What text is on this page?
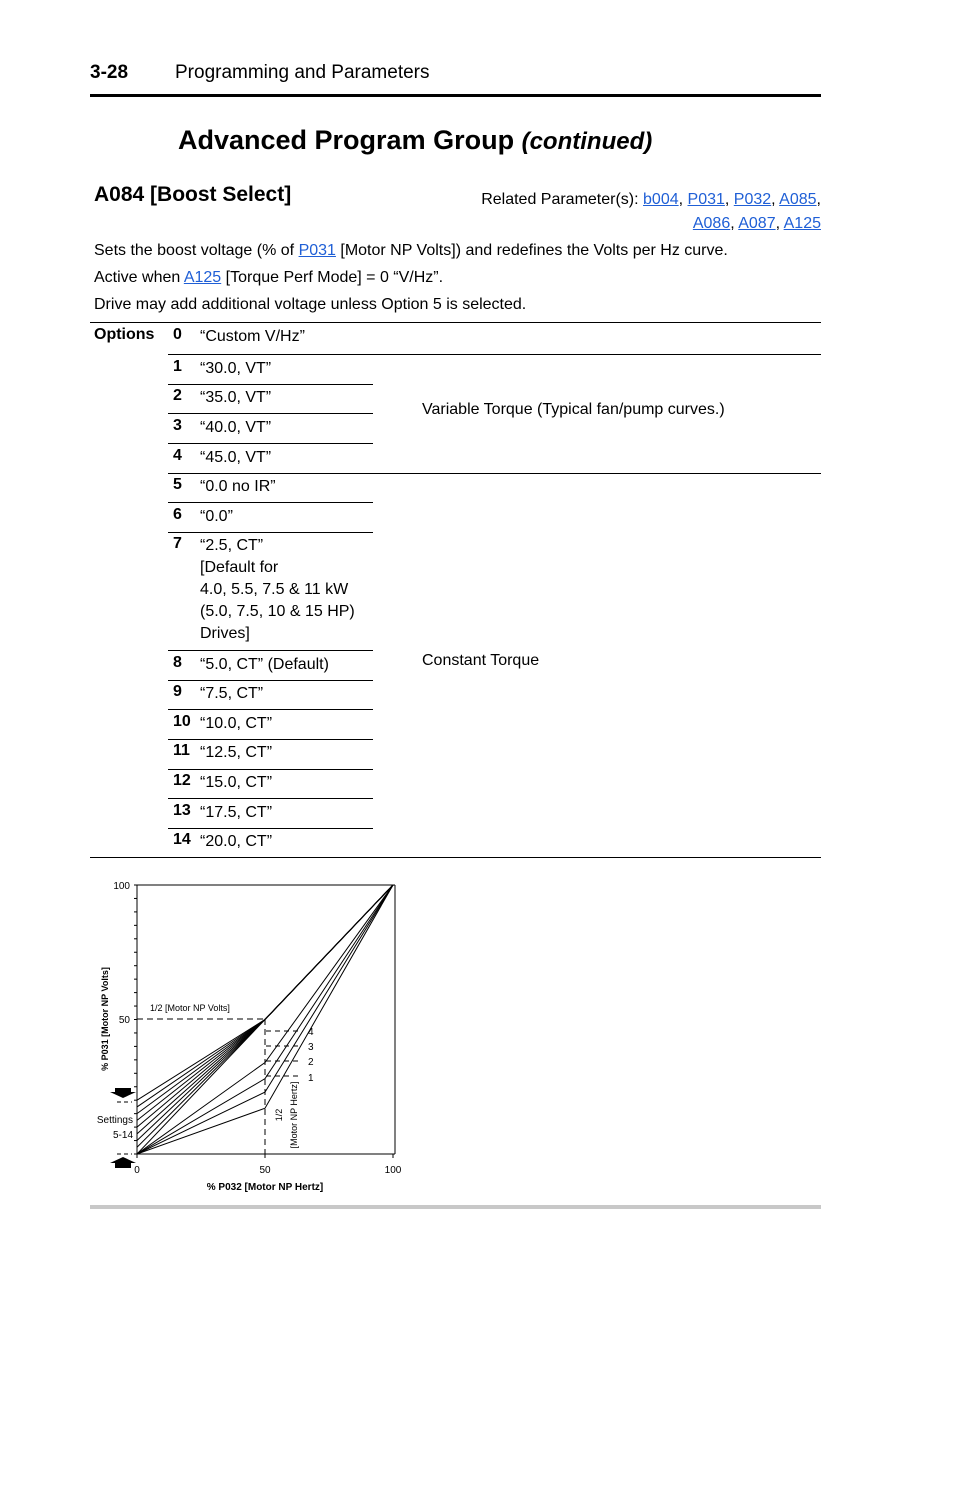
3-28 Programming and Parameters
Advanced Program Group (continued)
A084 [Boost Select]	Related Parameter(s): b004, P031, P032, A085,
A086, A087, A125
Sets the boost voltage (% of P031 [Motor NP Volts]) and redefines the Volts per Hz curve.
Active when A125 [Torque Perf Mode] = 0 “V/Hz”.
Drive may add additional voltage unless Option 5 is selected.
Options 0 “Custom V/Hz”
1 “30.0, VT”
2 “35.0, VT”
3 “40.0, VT”
4 “45.0, VT”
Variable Torque (Typical fan/pump curves.)
5 “0.0 no IR”
6 “0.0”
7 “2.5, CT”
[Default for
4.0, 5.5, 7.5 & 11 kW
(5.0, 7.5, 10 & 15 HP)
Drives]
8 “5.0, CT” (Default)
9 “7.5, CT”
10 “10.0, CT”
11 “12.5, CT”
12 “15.0, CT”
13 “17.5, CT”
14 “20.0, CT”
Constant Torque
100
50
0	50	100
% P032 [Motor NP Hertz]
% P031 [Motor NP Volts]	1/2 [Motor NP Volts]
1/2 [Motor NP Hertz]
Settings
5-14
4
3
2
1
